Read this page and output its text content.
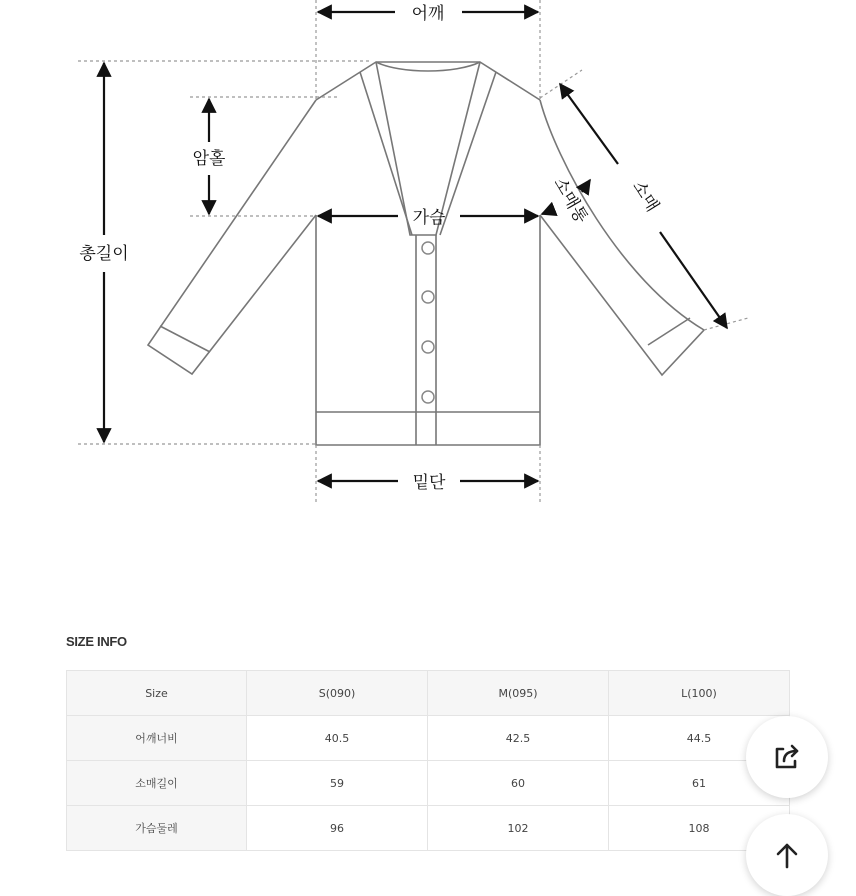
어깨
암홀
총길이
가슴
밑단
소매통 소매
SIZE INFO
Size	S(090)	M(095)	L(100)
어깨너비	40.5	42.5	44.5
소매길이	59	60	61
가슴둘레	96	102	108
